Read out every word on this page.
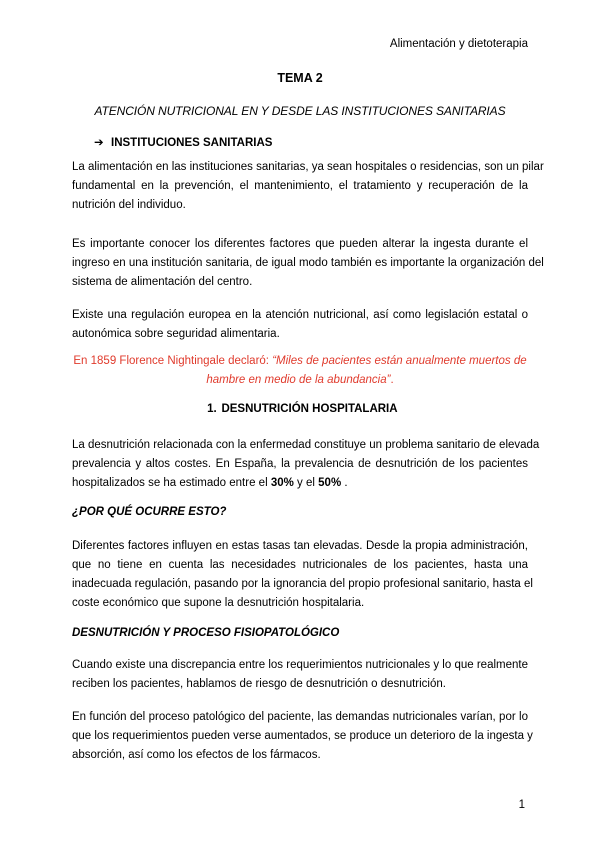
Alimentación y dietoterapia
TEMA 2
ATENCIÓN NUTRICIONAL EN Y DESDE LAS INSTITUCIONES SANITARIAS
➔ INSTITUCIONES SANITARIAS
La alimentación en las instituciones sanitarias, ya sean hospitales o residencias, son un pilar
fundamental en la prevención, el mantenimiento, el tratamiento y recuperación de la
nutrición del individuo.
Es importante conocer los diferentes factores que pueden alterar la ingesta durante el
ingreso en una institución sanitaria, de igual modo también es importante la organización del
sistema de alimentación del centro.
Existe una regulación europea en la atención nutricional, así como legislación estatal o
autonómica sobre seguridad alimentaria.
En 1859 Florence Nightingale declaró: “Miles de pacientes están anualmente muertos de
hambre en medio de la abundancia”.
1. DESNUTRICIÓN HOSPITALARIA
La desnutrición relacionada con la enfermedad constituye un problema sanitario de elevada
prevalencia y altos costes. En España, la prevalencia de desnutrición de los pacientes
hospitalizados se ha estimado entre el 30% y el 50% .
¿POR QUÉ OCURRE ESTO?
Diferentes factores influyen en estas tasas tan elevadas. Desde la propia administración,
que no tiene en cuenta las necesidades nutricionales de los pacientes, hasta una
inadecuada regulación, pasando por la ignorancia del propio profesional sanitario, hasta el
coste económico que supone la desnutrición hospitalaria.
DESNUTRICIÓN Y PROCESO FISIOPATOLÓGICO
Cuando existe una discrepancia entre los requerimientos nutricionales y lo que realmente
reciben los pacientes, hablamos de riesgo de desnutrición o desnutrición.
En función del proceso patológico del paciente, las demandas nutricionales varían, por lo
que los requerimientos pueden verse aumentados, se produce un deterioro de la ingesta y
absorción, así como los efectos de los fármacos.
1
